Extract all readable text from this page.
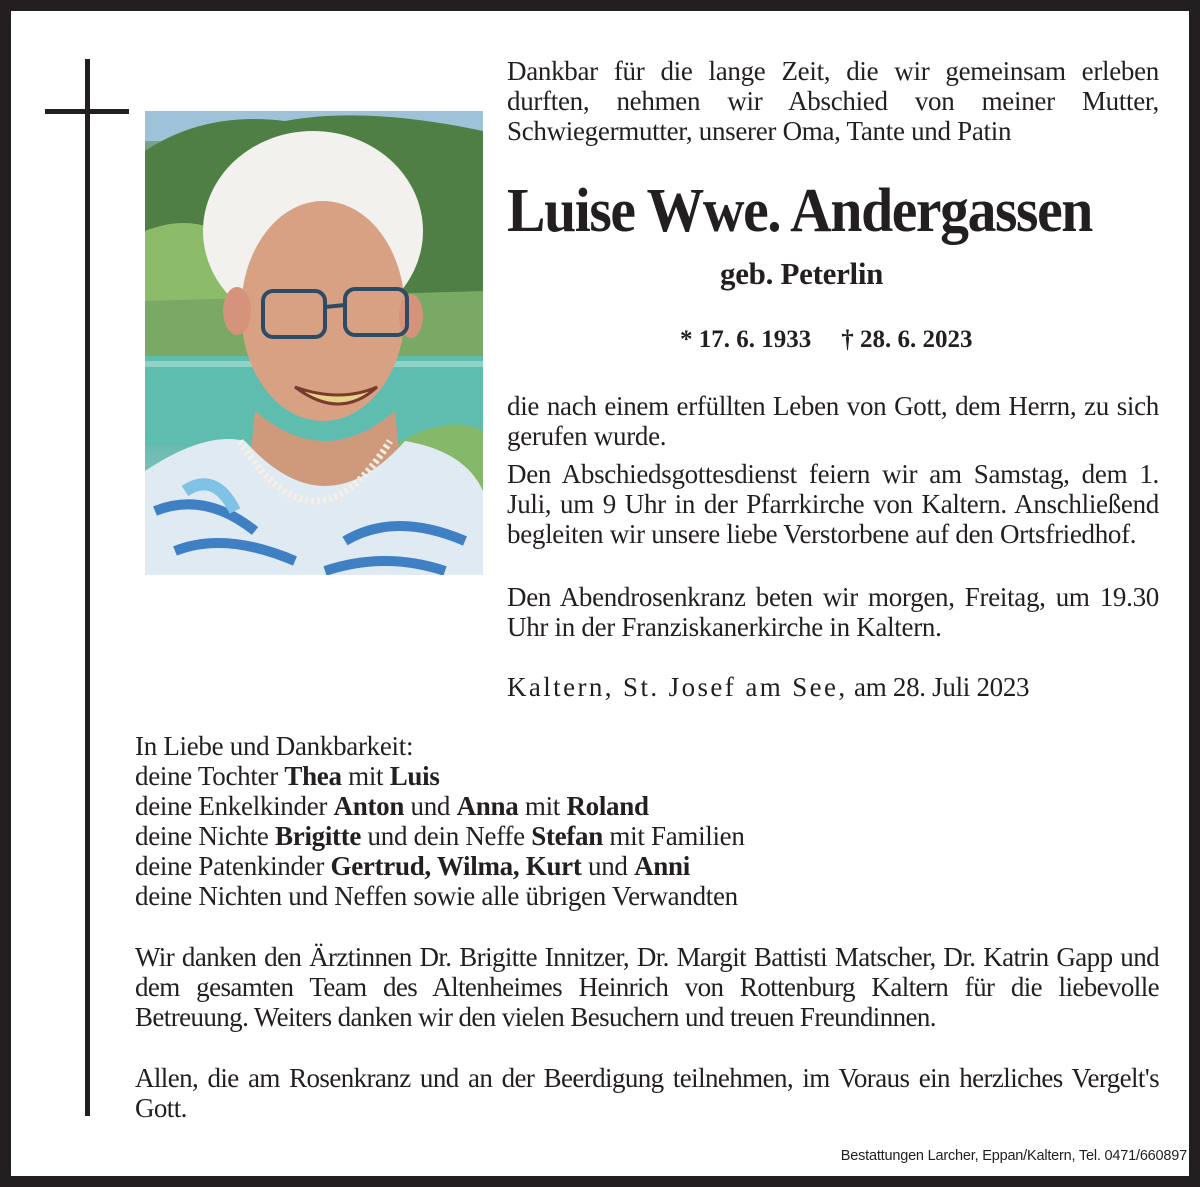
Dankbar für die lange Zeit, die wir gemeinsam erleben durften, nehmen wir Abschied von meiner Mutter, Schwiegermutter, unserer Oma, Tante und Patin
Luise Wwe. Andergassen
geb. Peterlin
* 17. 6. 1933 † 28. 6. 2023
die nach einem erfüllten Leben von Gott, dem Herrn, zu sich gerufen wurde.
Den Abschiedsgottesdienst feiern wir am Samstag, dem 1. Juli, um 9 Uhr in der Pfarrkirche von Kaltern. Anschließend begleiten wir unsere liebe Verstorbene auf den Ortsfriedhof.
Den Abendrosenkranz beten wir morgen, Freitag, um 19.30 Uhr in der Franziskanerkirche in Kaltern.
Kaltern, St. Josef am See, am 28. Juli 2023
In Liebe und Dankbarkeit:
deine Tochter Thea mit Luis
deine Enkelkinder Anton und Anna mit Roland
deine Nichte Brigitte und dein Neffe Stefan mit Familien
deine Patenkinder Gertrud, Wilma, Kurt und Anni
deine Nichten und Neffen sowie alle übrigen Verwandten
Wir danken den Ärztinnen Dr. Brigitte Innitzer, Dr. Margit Battisti Matscher, Dr. Katrin Gapp und dem gesamten Team des Altenheimes Heinrich von Rottenburg Kaltern für die liebevolle Betreuung. Weiters danken wir den vielen Besuchern und treuen Freundinnen.
Allen, die am Rosenkranz und an der Beerdigung teilnehmen, im Voraus ein herzliches Vergelt's Gott.
Bestattungen Larcher, Eppan/Kaltern, Tel. 0471/660897
